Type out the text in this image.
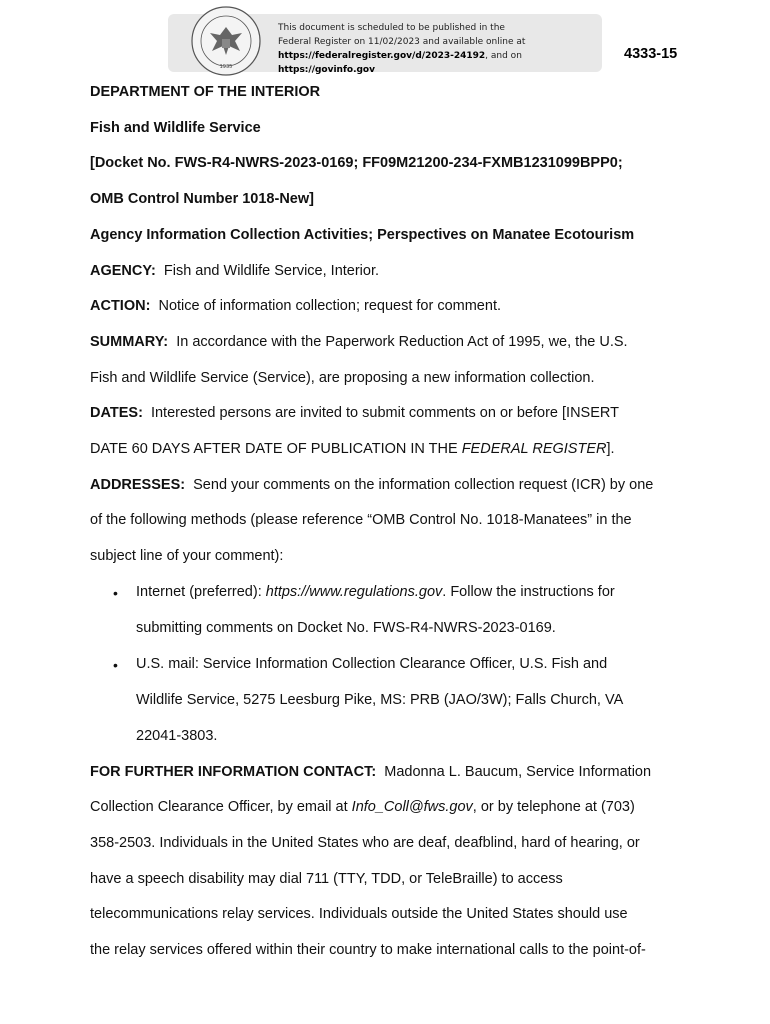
1935
This document is scheduled to be published in the
Federal Register on 11/02/2023 and available online at
https://federalregister.gov/d/2023-24192, and on https://govinfo.gov
4333-15
DEPARTMENT OF THE INTERIOR
Fish and Wildlife Service
[Docket No. FWS-R4-NWRS-2023-0169; FF09M21200-234-FXMB1231099BPP0;
OMB Control Number 1018-New]
Agency Information Collection Activities; Perspectives on Manatee Ecotourism
AGENCY: Fish and Wildlife Service, Interior.
ACTION: Notice of information collection; request for comment.
SUMMARY: In accordance with the Paperwork Reduction Act of 1995, we, the U.S.
Fish and Wildlife Service (Service), are proposing a new information collection.
DATES: Interested persons are invited to submit comments on or before [INSERT
DATE 60 DAYS AFTER DATE OF PUBLICATION IN THE FEDERAL REGISTER].
ADDRESSES: Send your comments on the information collection request (ICR) by one
of the following methods (please reference “OMB Control No. 1018-Manatees” in the
subject line of your comment):
• Internet (preferred): https://www.regulations.gov. Follow the instructions for
submitting comments on Docket No. FWS-R4-NWRS-2023-0169.
• U.S. mail: Service Information Collection Clearance Officer, U.S. Fish and
Wildlife Service, 5275 Leesburg Pike, MS: PRB (JAO/3W); Falls Church, VA
22041-3803.
FOR FURTHER INFORMATION CONTACT: Madonna L. Baucum, Service Information
Collection Clearance Officer, by email at Info_Coll@fws.gov, or by telephone at (703)
358-2503. Individuals in the United States who are deaf, deafblind, hard of hearing, or
have a speech disability may dial 711 (TTY, TDD, or TeleBraille) to access
telecommunications relay services. Individuals outside the United States should use
the relay services offered within their country to make international calls to the point-of-
